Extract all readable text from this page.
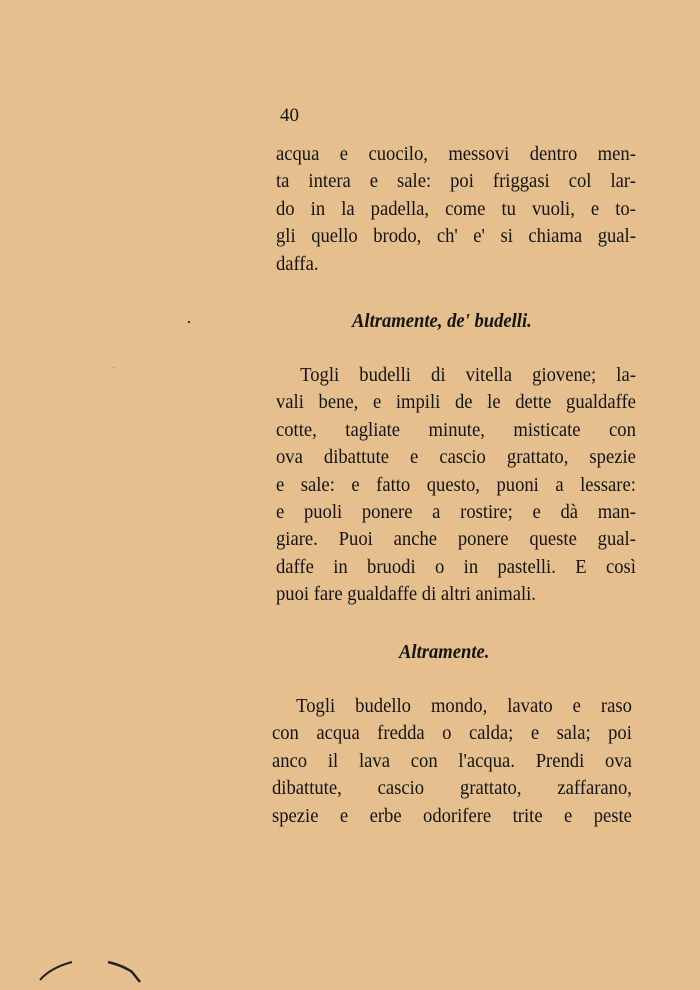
40
acqua e cuocilo, messovi dentro men-
ta intera e sale: poi friggasi col lar-
do in la padella, come tu vuoli, e to-
gli quello brodo, ch' e' si chiama gual-
daffa.
Altramente, de' budelli.
Togli budelli di vitella giovene; la-
vali bene, e impili de le dette gualdaffe
cotte, tagliate minute, misticate con
ova dibattute e cascio grattato, spezie
e sale: e fatto questo, puoni a lessare:
e puoli ponere a rostire; e dà man-
giare. Puoi anche ponere queste gual-
daffe in bruodi o in pastelli. E così
puoi fare gualdaffe di altri animali.
Altramente.
Togli budello mondo, lavato e raso
con acqua fredda o calda; e sala; poi
anco il lava con l'acqua. Prendi ova
dibattute, cascio grattato, zaffarano,
spezie e erbe odorifere trite e peste
